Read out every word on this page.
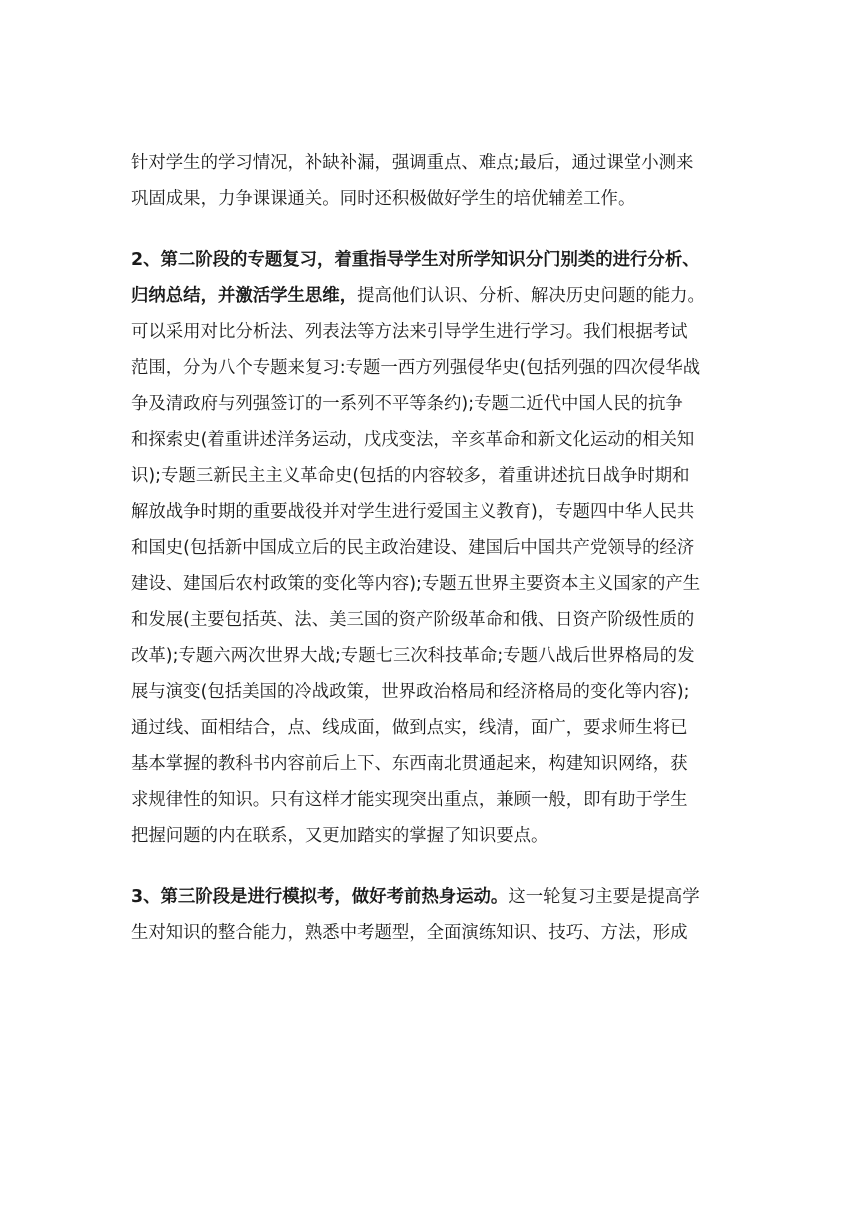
针对学生的学习情况，补缺补漏，强调重点、难点;最后，通过课堂小测来
巩固成果，力争课课通关。同时还积极做好学生的培优辅差工作。
2、第二阶段的专题复习，着重指导学生对所学知识分门别类的进行分析、
归纳总结，并激活学生思维，提高他们认识、分析、解决历史问题的能力。
可以采用对比分析法、列表法等方法来引导学生进行学习。我们根据考试
范围，分为八个专题来复习:专题一西方列强侵华史(包括列强的四次侵华战
争及清政府与列强签订的一系列不平等条约);专题二近代中国人民的抗争
和探索史(着重讲述洋务运动，戊戌变法，辛亥革命和新文化运动的相关知
识);专题三新民主主义革命史(包括的内容较多，着重讲述抗日战争时期和
解放战争时期的重要战役并对学生进行爱国主义教育)，专题四中华人民共
和国史(包括新中国成立后的民主政治建设、建国后中国共产党领导的经济
建设、建国后农村政策的变化等内容);专题五世界主要资本主义国家的产生
和发展(主要包括英、法、美三国的资产阶级革命和俄、日资产阶级性质的
改革);专题六两次世界大战;专题七三次科技革命;专题八战后世界格局的发
展与演变(包括美国的冷战政策，世界政治格局和经济格局的变化等内容);
通过线、面相结合，点、线成面，做到点实，线清，面广，要求师生将已
基本掌握的教科书内容前后上下、东西南北贯通起来，构建知识网络，获
求规律性的知识。只有这样才能实现突出重点，兼顾一般，即有助于学生
把握问题的内在联系，又更加踏实的掌握了知识要点。
3、第三阶段是进行模拟考，做好考前热身运动。这一轮复习主要是提高学
生对知识的整合能力，熟悉中考题型，全面演练知识、技巧、方法，形成
